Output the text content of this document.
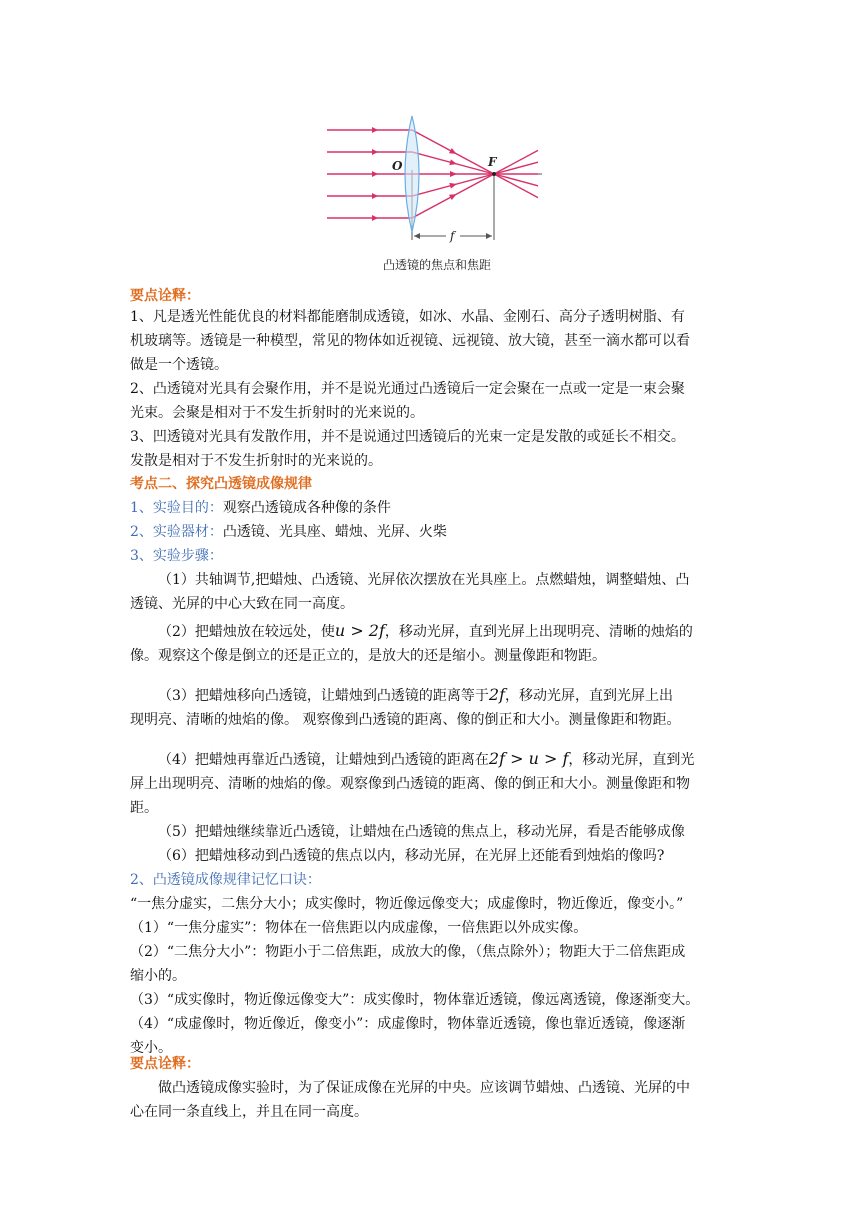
O	F
f
凸透镜的焦点和焦距
要点诠释：
1、凡是透光性能优良的材料都能磨制成透镜，如冰、水晶、金刚石、高分子透明树脂、有
机玻璃等。透镜是一种模型，常见的物体如近视镜、远视镜、放大镜，甚至一滴水都可以看
做是一个透镜。
2、凸透镜对光具有会聚作用，并不是说光通过凸透镜后一定会聚在一点或一定是一束会聚
光束。会聚是相对于不发生折射时的光来说的。
3、凹透镜对光具有发散作用，并不是说通过凹透镜后的光束一定是发散的或延长不相交。
发散是相对于不发生折射时的光来说的。
考点二、探究凸透镜成像规律
1、实验目的：观察凸透镜成各种像的条件
2、实验器材：凸透镜、光具座、蜡烛、光屏、火柴
3、实验步骤：
（1）共轴调节,把蜡烛、凸透镜、光屏依次摆放在光具座上。点燃蜡烛，调整蜡烛、凸
透镜、光屏的中心大致在同一高度。
（2）把蜡烛放在较远处，使u > 2f，移动光屏，直到光屏上出现明亮、清晰的烛焰的
像。观察这个像是倒立的还是正立的，是放大的还是缩小。测量像距和物距。
（3）把蜡烛移向凸透镜，让蜡烛到凸透镜的距离等于2f，移动光屏，直到光屏上出
现明亮、清晰的烛焰的像。 观察像到凸透镜的距离、像的倒正和大小。测量像距和物距。
（4）把蜡烛再靠近凸透镜，让蜡烛到凸透镜的距离在2f > u > f，移动光屏，直到光
屏上出现明亮、清晰的烛焰的像。观察像到凸透镜的距离、像的倒正和大小。测量像距和物
距。
（5）把蜡烛继续靠近凸透镜，让蜡烛在凸透镜的焦点上，移动光屏，看是否能够成像
（6）把蜡烛移动到凸透镜的焦点以内，移动光屏，在光屏上还能看到烛焰的像吗?
2、凸透镜成像规律记忆口诀：
“一焦分虚实，二焦分大小；成实像时，物近像远像变大；成虚像时，物近像近，像变小。”
（1）“一焦分虚实”：物体在一倍焦距以内成虚像，一倍焦距以外成实像。
（2）“二焦分大小”：物距小于二倍焦距，成放大的像，（焦点除外）；物距大于二倍焦距成
缩小的。
（3）“成实像时，物近像远像变大”：成实像时，物体靠近透镜，像远离透镜，像逐渐变大。
（4）“成虚像时，物近像近，像变小”：成虚像时，物体靠近透镜，像也靠近透镜，像逐渐
变小。
要点诠释：
做凸透镜成像实验时，为了保证成像在光屏的中央。应该调节蜡烛、凸透镜、光屏的中
心在同一条直线上，并且在同一高度。
